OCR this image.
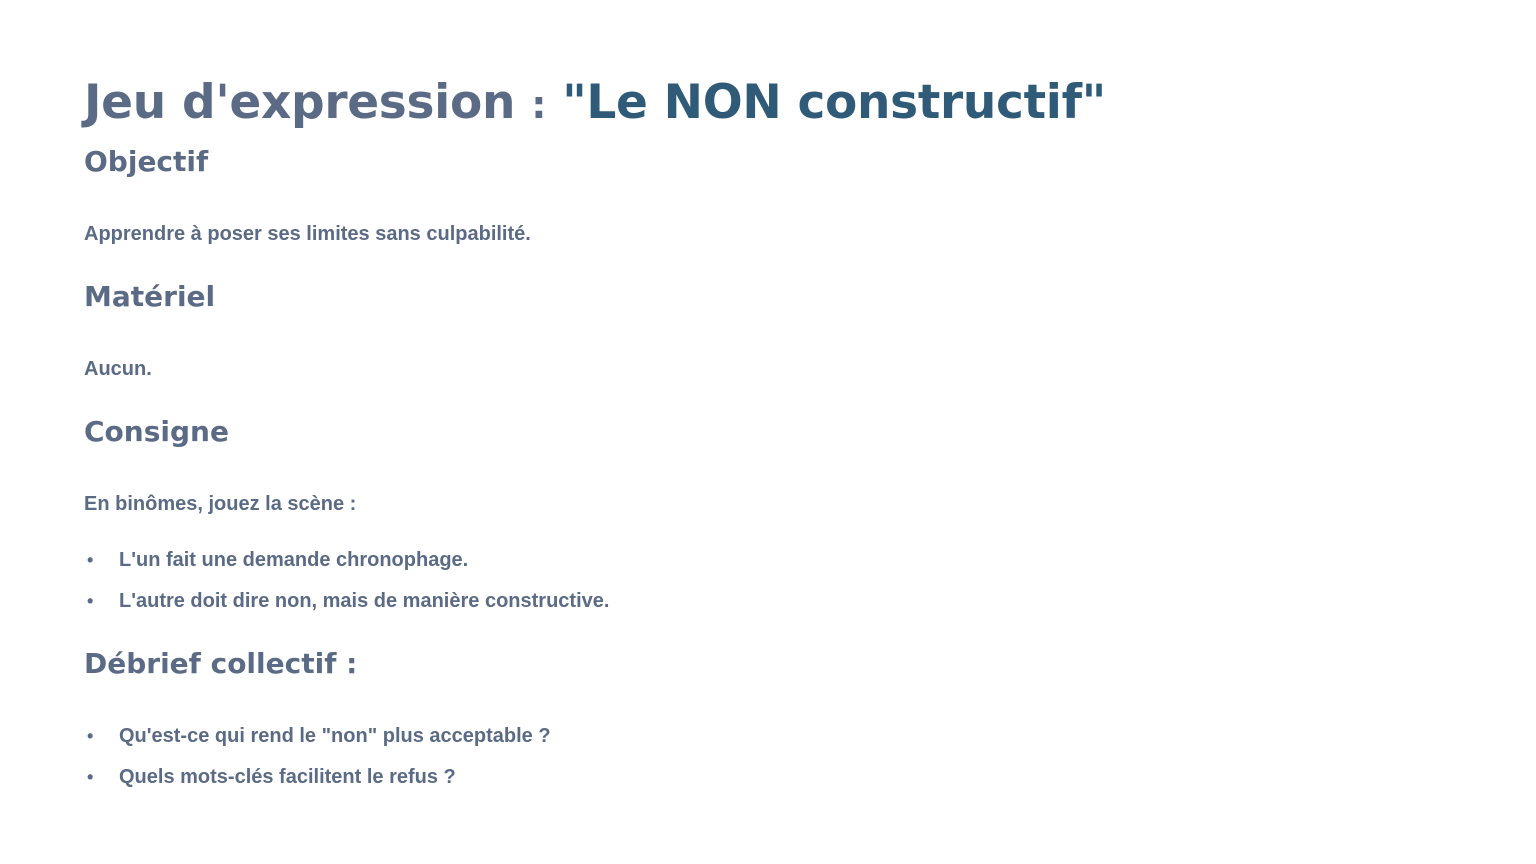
Jeu d'expression : "Le NON constructif"
Objectif

Apprendre à poser ses limites sans culpabilité.

Matériel

Aucun.

Consigne

En binômes, jouez la scène :

• L'un fait une demande chronophage.
• L'autre doit dire non, mais de manière constructive.
Débrief collectif :
• Qu'est-ce qui rend le "non" plus acceptable ?
• Quels mots-clés facilitent le refus ?
